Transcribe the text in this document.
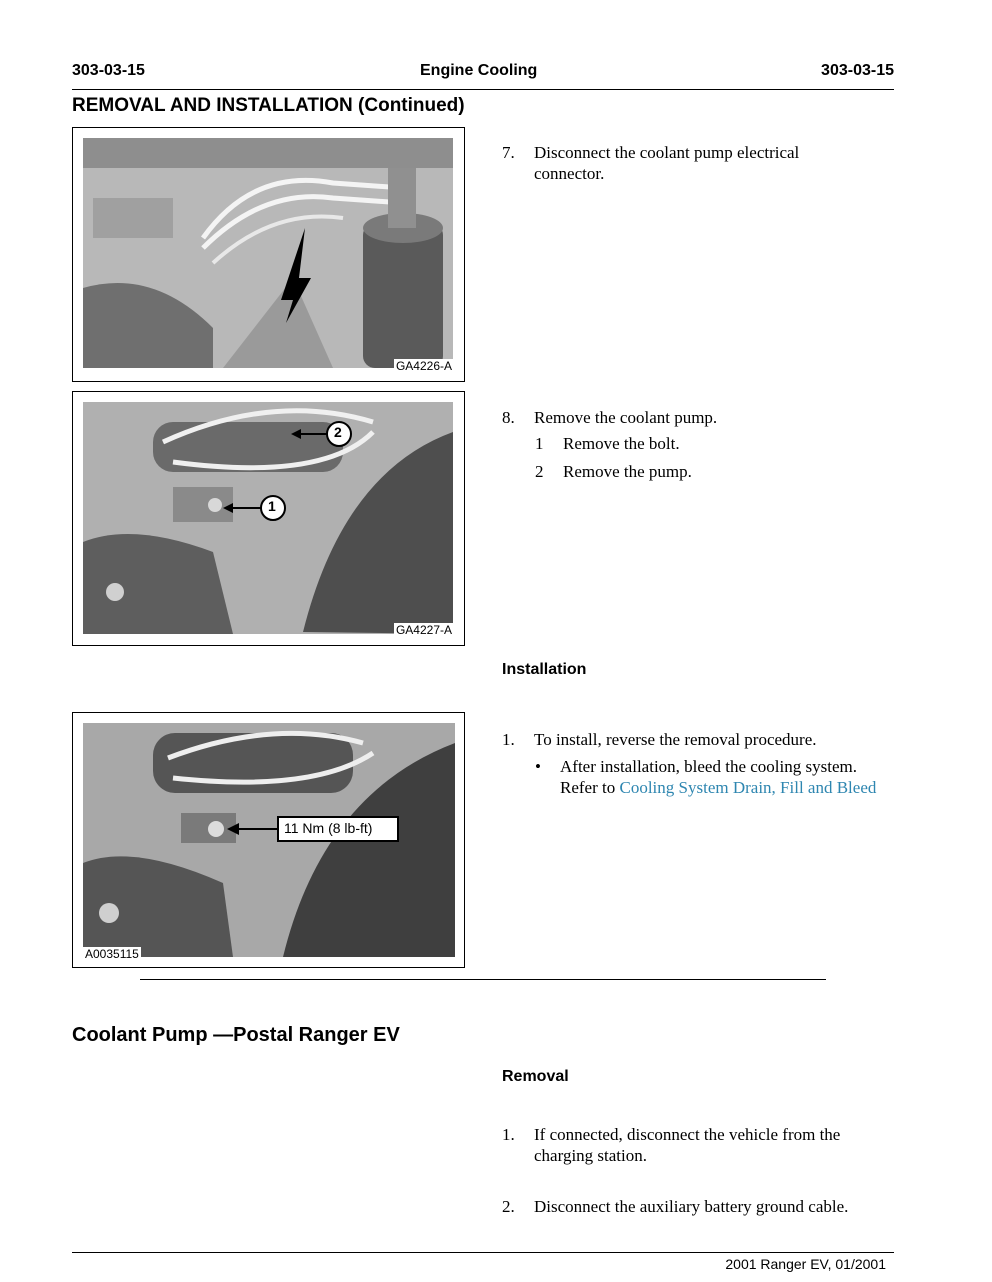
303-03-15	Engine Cooling	303-03-15
REMOVAL AND INSTALLATION (Continued)
GA4226-A
1
2
GA4227-A
11 Nm (8 lb-ft)
A0035115
7. Disconnect the coolant pump electrical connector.
8. Remove the coolant pump.
1 Remove the bolt.
2 Remove the pump.
Installation
1. To install, reverse the removal procedure.
• After installation, bleed the cooling system. Refer to Cooling System Drain, Fill and Bleed
Coolant Pump —Postal Ranger EV
Removal
1. If connected, disconnect the vehicle from the charging station.
2. Disconnect the auxiliary battery ground cable.
2001 Ranger EV, 01/2001
